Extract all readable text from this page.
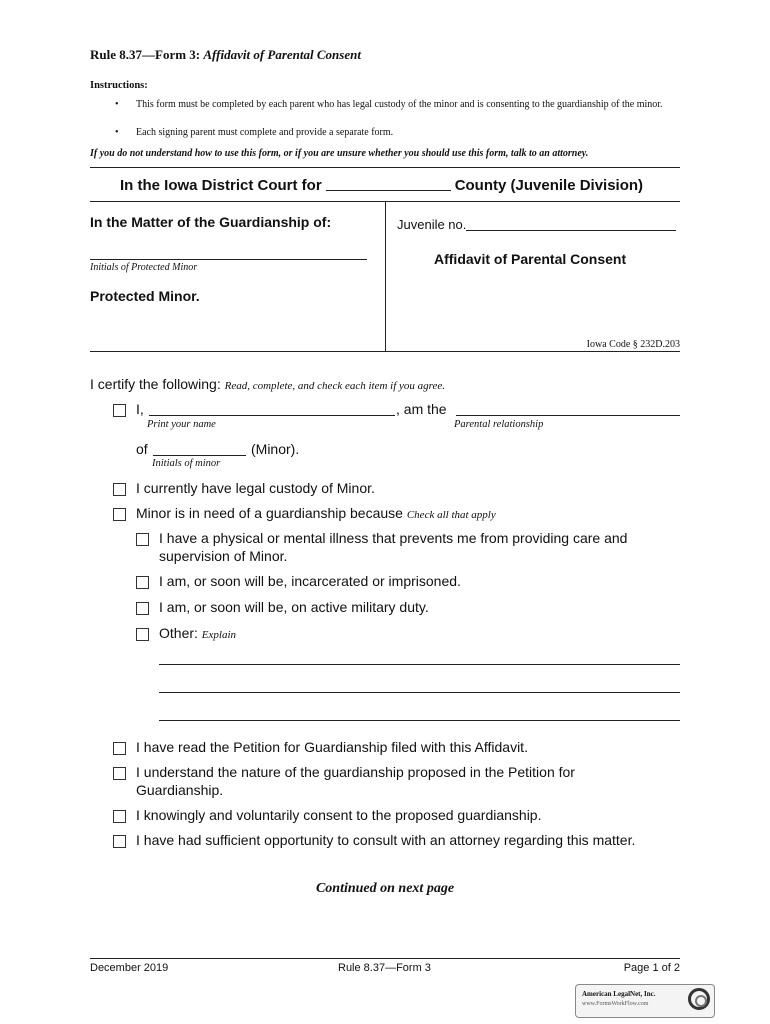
Rule 8.37—Form 3: Affidavit of Parental Consent
Instructions:
• This form must be completed by each parent who has legal custody of the minor and is consenting to the guardianship of the minor.
• Each signing parent must complete and provide a separate form.
If you do not understand how to use this form, or if you are unsure whether you should use this form, talk to an attorney.
In the Iowa District Court for	County (Juvenile Division)
In the Matter of the Guardianship of:
Initials of Protected Minor
Protected Minor.
Juvenile no.
Affidavit of Parental Consent
Iowa Code § 232D.203
I certify the following: Read, complete, and check each item if you agree.
I,	, am the
Print your name	Parental relationship
of	(Minor).
Initials of minor
I currently have legal custody of Minor.
Minor is in need of a guardianship because Check all that apply
I have a physical or mental illness that prevents me from providing care and
supervision of Minor.
I am, or soon will be, incarcerated or imprisoned.
I am, or soon will be, on active military duty.
Other: Explain
I have read the Petition for Guardianship filed with this Affidavit.
I understand the nature of the guardianship proposed in the Petition for
Guardianship.
I knowingly and voluntarily consent to the proposed guardianship.
I have had sufficient opportunity to consult with an attorney regarding this matter.
Continued on next page
December 2019	Rule 8.37—Form 3	Page 1 of 2
American LegalNet, Inc.
www.FormsWorkFlow.com
